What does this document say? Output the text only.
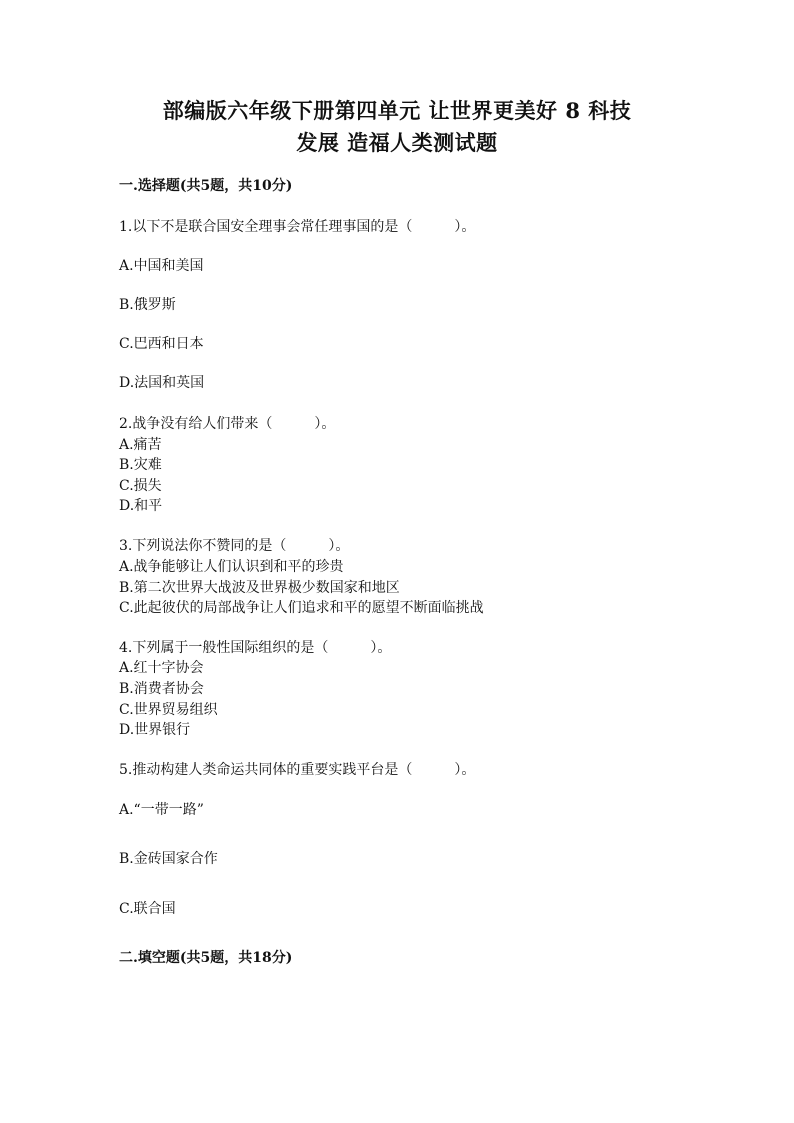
部编版六年级下册第四单元 让世界更美好 8 科技
发展 造福人类测试题
一.选择题(共5题，共10分)
1.以下不是联合国安全理事会常任理事国的是（　　　）。
A.中国和美国
B.俄罗斯
C.巴西和日本
D.法国和英国
2.战争没有给人们带来（　　　）。
A.痛苦
B.灾难
C.损失
D.和平
3.下列说法你不赞同的是（　　　）。
A.战争能够让人们认识到和平的珍贵
B.第二次世界大战波及世界极少数国家和地区
C.此起彼伏的局部战争让人们追求和平的愿望不断面临挑战
4.下列属于一般性国际组织的是（　　　）。
A.红十字协会
B.消费者协会
C.世界贸易组织
D.世界银行
5.推动构建人类命运共同体的重要实践平台是（　　　）。
A.“一带一路”
B.金砖国家合作
C.联合国
二.填空题(共5题，共18分)
